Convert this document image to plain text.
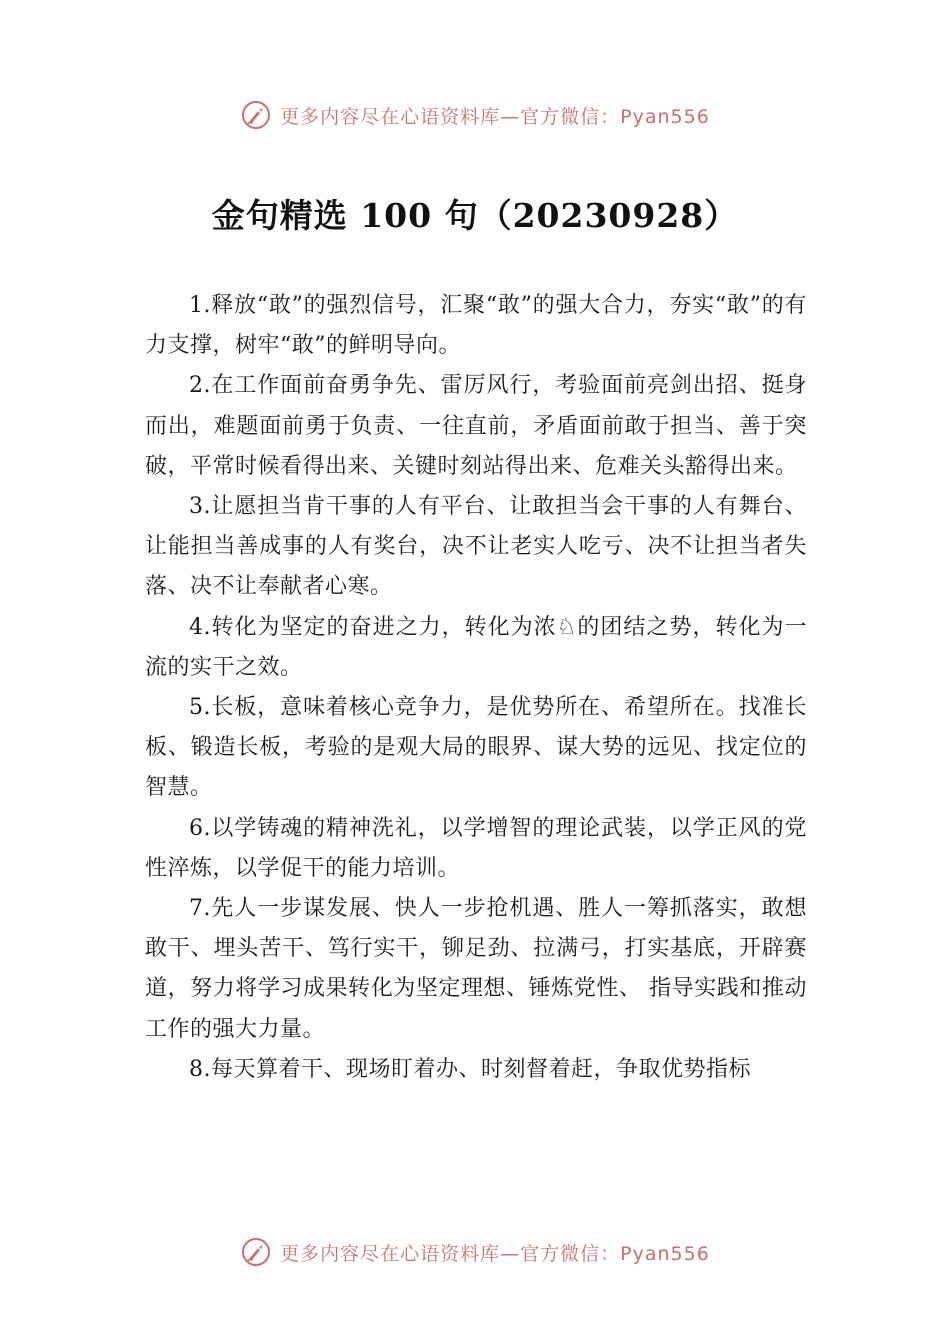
更多内容尽在心语资料库—官方微信：Pyan556
金句精选 100 句（20230928）

1.释放“敢”的强烈信号，汇聚“敢”的强大合力，夯实“敢”的有力支撑，树牢“敢”的鲜明导向。

2.在工作面前奋勇争先、雷厉风行，考验面前亮剑出招、挺身而出，难题面前勇于负责、一往直前，矛盾面前敢于担当、善于突破，平常时候看得出来、关键时刻站得出来、危难关头豁得出来。

3.让愿担当肯干事的人有平台、让敢担当会干事的人有舞台、让能担当善成事的人有奖台，决不让老实人吃亏、决不让担当者失落、决不让奉献者心寒。

4.转化为坚定的奋进之力，转化为浓♘的团结之势，转化为一流的实干之效。

5.长板，意味着核心竞争力，是优势所在、希望所在。找准长板、锻造长板，考验的是观大局的眼界、谋大势的远见、找定位的智慧。

6.以学铸魂的精神洗礼，以学增智的理论武装，以学正风的党性淬炼，以学促干的能力培训。

7.先人一步谋发展、快人一步抢机遇、胜人一筹抓落实，敢想敢干、埋头苦干、笃行实干，铆足劲、拉满弓，打实基底，开辟赛道，努力将学习成果转化为坚定理想、锤炼党性、 指导实践和推动工作的强大力量。

8.每天算着干、现场盯着办、时刻督着赶，争取优势指标

更多内容尽在心语资料库—官方微信：Pyan556
